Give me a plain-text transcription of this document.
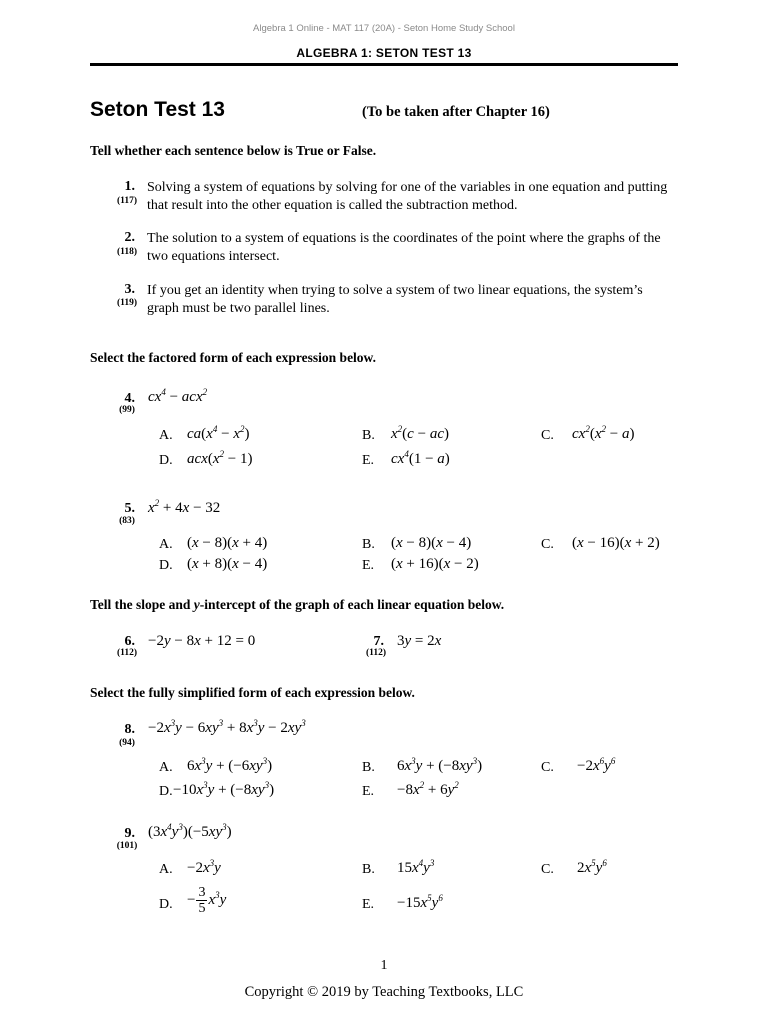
Algebra 1 Online - MAT 117 (20A) - Seton Home Study School
ALGEBRA 1: SETON TEST 13
Seton Test 13	(To be taken after Chapter 16)
Tell whether each sentence below is True or False.
1.
(117)
Solving a system of equations by solving for one of the variables in one equation and putting that result into the other equation is called the subtraction method.
2.
(118)
The solution to a system of equations is the coordinates of the point where the graphs of the two equations intersect.
3.
(119)
If you get an identity when trying to solve a system of two linear equations, the system’s graph must be two parallel lines.
Select the factored form of each expression below.
4.
(99)
$cx^4 - acx^2$
A. $ca(x^4 - x^2)$	B. $x^2(c - ac)$	C. $cx^2(x^2 - a)$
D. $acx(x^2 - 1)$	E. $cx^4(1 - a)$
5.
(83)
$x^2 + 4x - 32$
A. (x − 8)(x + 4)	B. (x − 8)(x − 4)	C. (x − 16)(x + 2)
D. (x + 8)(x − 4)	E. (x + 16)(x − 2)
Tell the slope and y-intercept of the graph of each linear equation below.
6.
(112)
−2y − 8x + 12 = 0	7.
(112)
3y = 2x
Select the fully simplified form of each expression below.
8.
(94)
$-2x^3y - 6xy^3 + 8x^3y - 2xy^3$
A. $6x^3y + (-6xy^3)$	B. $6x^3y + (-8xy^3)$	C. $-2x^6y^6$
D. $-10x^3y + (-8xy^3)$	E. $-8x^2 + 6y^2$
9.
(101)
$(3x^4y^3)(-5xy^3)$
A. $-2x^3y$	B. $15x^4y^3$	C. $2x^5y^6$
D. − $\frac{3}{5} x^3y$	E. $-15x^5y^6$
1
Copyright © 2019 by Teaching Textbooks, LLC
